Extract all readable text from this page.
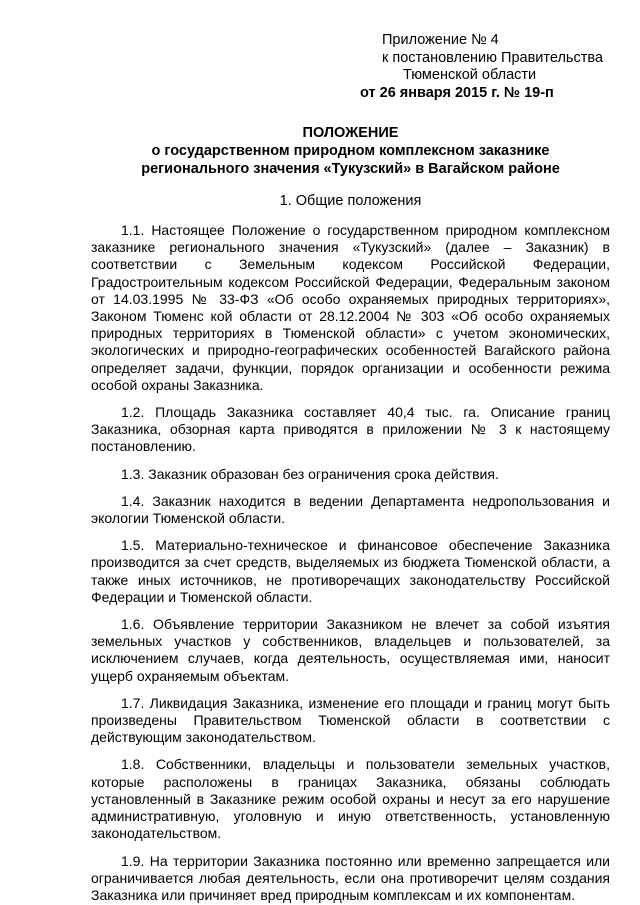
Приложение № 4
к постановлению Правительства
Тюменской области
от 26 января 2015 г. № 19-п
ПОЛОЖЕНИЕ
о государственном природном комплексном заказнике
регионального значения «Тукузский» в Вагайском районе
1. Общие положения

1.1. Настоящее Положение о государственном природном комплексном заказнике регионального значения «Тукузский» (далее – Заказник) в соответствии с Земельным кодексом Российской Федерации, Градостроительным кодексом Российской Федерации, Федеральным законом от 14.03.1995 № 33-ФЗ «Об особо охраняемых природных территориях», Законом Тюменс кой области от 28.12.2004 № 303 «Об особо охраняемых природных территориях в Тюменской области» с учетом экономических, экологических и природно-географических особенностей Вагайского района определяет задачи, функции, порядок организации и особенности режима особой охраны Заказника.

1.2. Площадь Заказника составляет 40,4 тыс. га. Описание границ Заказника, обзорная карта приводятся в приложении № 3 к настоящему постановлению.

1.3. Заказник образован без ограничения срока действия.

1.4. Заказник находится в ведении Департамента недропользования и экологии Тюменской области.

1.5. Материально-техническое и финансовое обеспечение Заказника производится за счет средств, выделяемых из бюджета Тюменской области, а также иных источников, не противоречащих законодательству Российской Федерации и Тюменской области.

1.6. Объявление территории Заказником не влечет за собой изъятия земельных участков у собственников, владельцев и пользователей, за исключением случаев, когда деятельность, осуществляемая ими, наносит ущерб охраняемым объектам.

1.7. Ликвидация Заказника, изменение его площади и границ могут быть произведены Правительством Тюменской области в соответствии с действующим законодательством.

1.8. Собственники, владельцы и пользователи земельных участков, которые расположены в границах Заказника, обязаны соблюдать установленный в Заказнике режим особой охраны и несут за его нарушение административную, уголовную и иную ответственность, установленную законодательством.

1.9. На территории Заказника постоянно или временно запрещается или ограничивается любая деятельность, если она противоречит целям создания Заказника или причиняет вред природным комплексам и их компонентам.
